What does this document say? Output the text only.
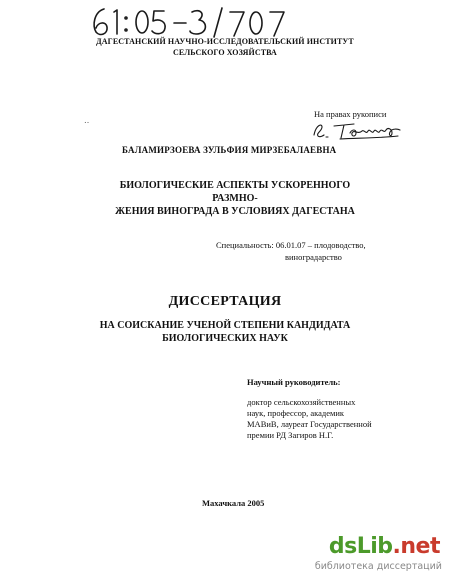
ДАГЕСТАНСКИЙ НАУЧНО-ИССЛЕДОВАТЕЛЬСКИЙ ИНСТИТУТ
СЕЛЬСКОГО ХОЗЯЙСТВА
‥
На правах рукописи
БАЛАМИРЗОЕВА ЗУЛЬФИЯ МИРЗЕБАЛАЕВНА
БИОЛОГИЧЕСКИЕ АСПЕКТЫ УСКОРЕННОГО РАЗМНО-
ЖЕНИЯ ВИНОГРАДА В УСЛОВИЯХ ДАГЕСТАНА
Специальность: 06.01.07 – плодоводство,
виноградарство
ДИССЕРТАЦИЯ
НА СОИСКАНИЕ УЧЕНОЙ СТЕПЕНИ КАНДИДАТА
БИОЛОГИЧЕСКИХ НАУК
Научный руководитель:
доктор сельскохозяйственных
наук, профессор, академик
МАВиВ, лауреат Государственной
премии РД Загиров Н.Г.
Махачкала 2005
dsLib.net
библиотека диссертаций
